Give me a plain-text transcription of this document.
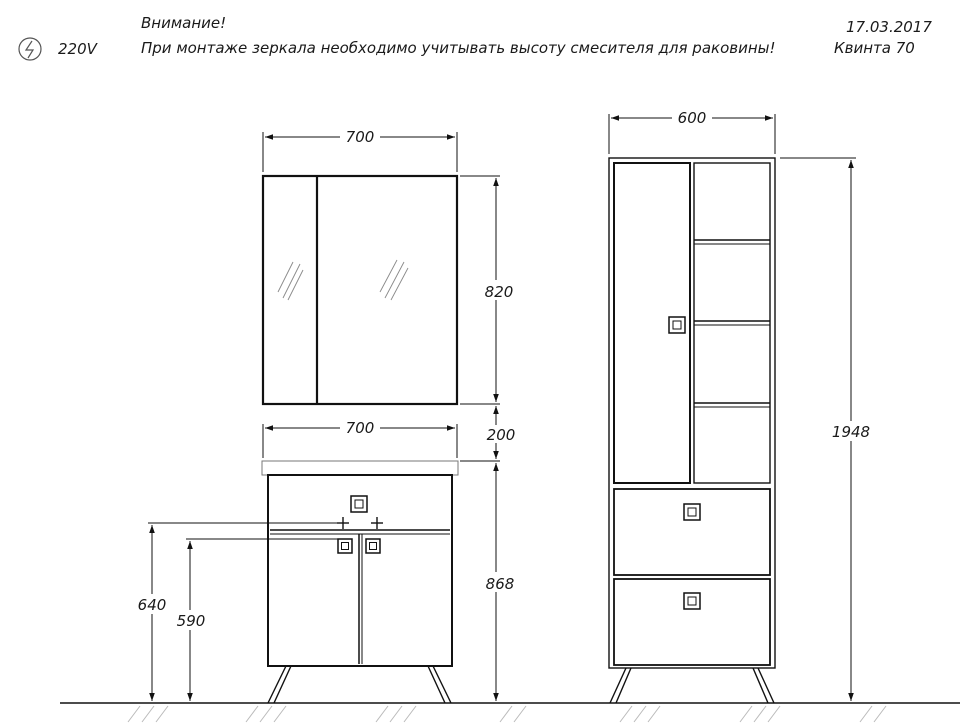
Внимание!
При монтаже зеркала необходимо учитывать высоту смесителя для раковины!
220V
17.03.2017
Квинта 70
700
820
200
700
868
640
590
600
1948
